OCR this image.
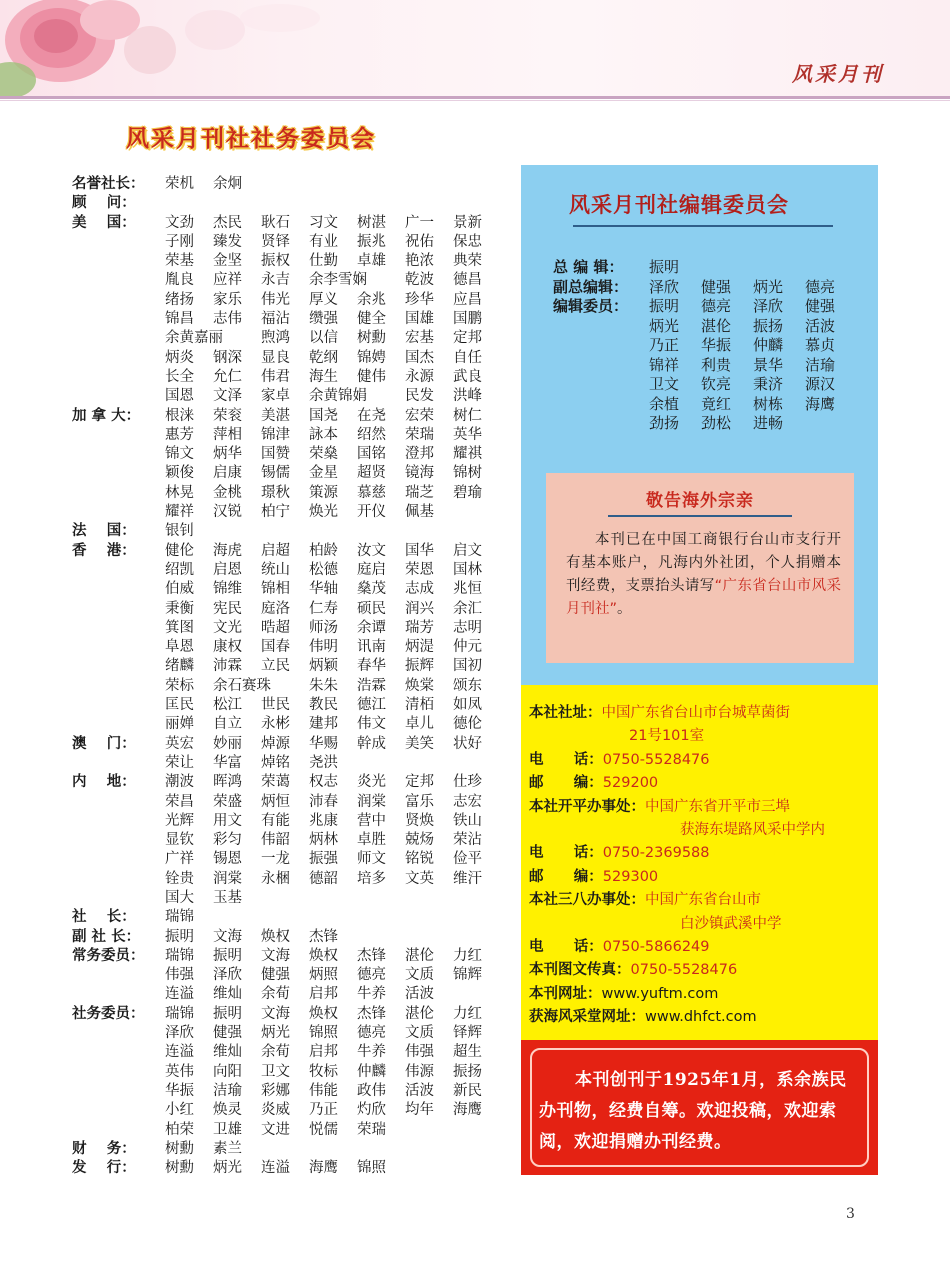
风采月刊
风采月刊社社务委员会
名誉社长：	荣机	余炯
顾    问：
美    国：	文劲	杰民	耿石	习文	树湛	广一	景新
子刚	臻发	贤铎	有业	振兆	祝佑	保忠
荣基	金坚	振权	仕勤	卓雄	艳浓	典荣
胤良	应祥	永吉	余李雪娴	乾波	德昌
绪扬	家乐	伟光	厚义	余兆	珍华	应昌
锦昌	志伟	福沾	缵强	健全	国雄	国鹏
余黄嘉丽	煦鸿	以信	树勳	宏基	定邦
炳炎	钢深	显良	乾纲	锦娉	国杰	自任
长全	允仁	伟君	海生	健伟	永源	武良
国恩	文泽	家卓	余黄锦娟	民发	洪峰
加 拿 大：	根涞	荣衮	美湛	国尧	在尧	宏荣	树仁
惠芳	萍相	锦津	詠本	绍然	荣瑞	英华
锦文	炳华	国赞	荣燊	国铭	澄邦	耀祺
颖俊	启康	锡儒	金星	超贤	镜海	锦树
林晃	金桃	璟秋	策源	慕慈	瑞芝	碧瑜
耀祥	汉锐	柏宁	焕光	开仪	佩基
法    国：	银钊
香    港：	健伦	海虎	启超	柏龄	汝文	国华	启文
绍凯	启恩	统山	松德	庭启	荣恩	国林
伯威	锦维	锦相	华轴	燊茂	志成	兆恒
秉衡	宪民	庭洛	仁寿	硕民	润兴	余汇
箕图	文光	晧超	师汤	余谭	瑞芳	志明
阜恩	康权	国春	伟明	讯南	炳湜	仲元
绪麟	沛霖	立民	炳颖	春华	振辉	国初
荣标	余石赛珠	朱朱	浩霖	焕棠	颂东
匡民	松江	世民	教民	德江	清栢	如凤
丽婵	自立	永彬	建邦	伟文	卓儿	德伦
澳    门：	英宏	妙丽	焯源	华赐	幹成	美笑	状好
荣让	华富	焯铭	尧洪
内    地：	潮波	晖鸿	荣蔼	权志	炎光	定邦	仕珍
荣昌	荣盛	炳恒	沛春	润棠	富乐	志宏
光辉	用文	有能	兆康	营中	贤焕	铁山
显钦	彩匀	伟韶	炳林	卓胜	兢炀	荣沾
广祥	锡恩	一龙	振强	师文	铭锐	俭平
铨贵	润棠	永梱	德韶	培多	文英	维汗
国大	玉基
社    长：	瑞锦
副 社 长：	振明	文海	焕权	杰锋
常务委员：	瑞锦	振明	文海	焕权	杰锋	湛伦	力红
伟强	泽欣	健强	炳照	德亮	文质	锦辉
连溢	维灿	余荀	启邦	牛养	活波
社务委员：	瑞锦	振明	文海	焕权	杰锋	湛伦	力红
泽欣	健强	炳光	锦照	德亮	文质	铎辉
连溢	维灿	余荀	启邦	牛养	伟强	超生
英伟	向阳	卫文	牧标	仲麟	伟源	振扬
华振	洁瑜	彩娜	伟能	政伟	活波	新民
小红	焕灵	炎威	乃正	灼欣	均年	海鹰
柏荣	卫雄	文进	悦儒	荣瑞
财    务：	树勳	素兰
发    行：	树勳	炳光	连溢	海鹰	锦照
风采月刊社编辑委员会
总 编 辑：	振明
副总编辑：	泽欣	健强	炳光	德亮
编辑委员：	振明	德亮	泽欣	健强
炳光	湛伦	振扬	活波
乃正	华振	仲麟	慕贞
锦祥	利贵	景华	洁瑜
卫文	钦亮	秉济	源汉
余植	竟红	树栋	海鹰
劲扬	劲松	进畅
敬告海外宗亲
本刊已在中国工商银行台山市支行开有基本账户，凡海内外社团，个人捐赠本刊经费，支票抬头请写“广东省台山市风采月刊社”。
本社社址： 中国广东省台山市台城草菌街
21号101室
电      话： 0750-5528476
邮      编： 529200
本社开平办事处： 中国广东省开平市三埠
获海东堤路风采中学内
电      话： 0750-2369588
邮      编： 529300
本社三八办事处： 中国广东省台山市
白沙镇武溪中学
电      话： 0750-5866249
本刊图文传真： 0750-5528476
本刊网址： www.yuftm.com
获海风采堂网址： www.dhfct.com
本刊创刊于1925年1月，系余族民办刊物，经费自筹。欢迎投稿，欢迎索阅，欢迎捐赠办刊经费。
3
